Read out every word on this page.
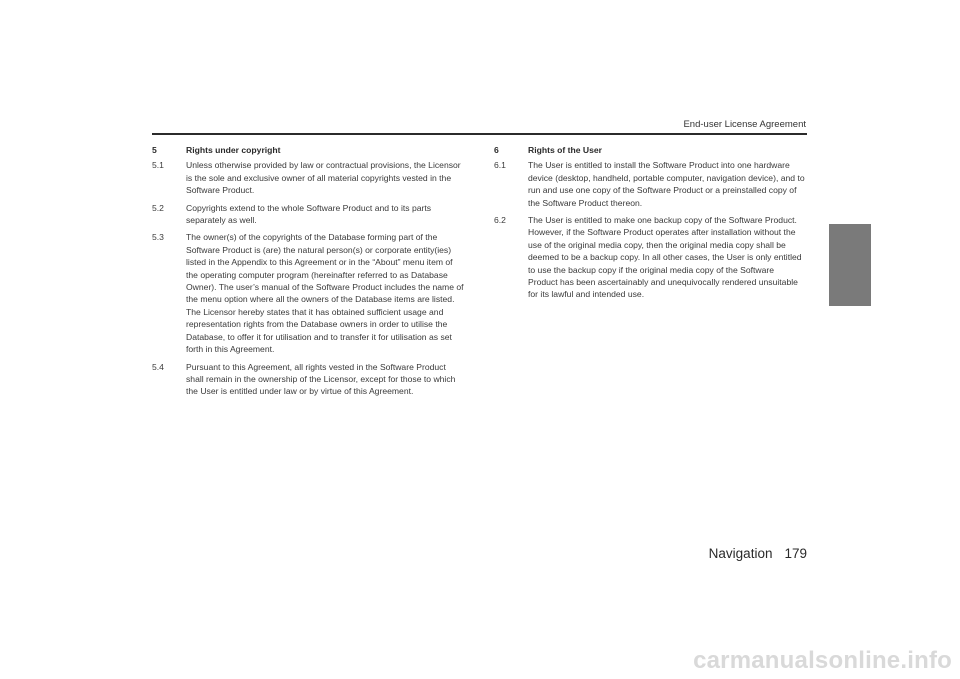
End-user License Agreement
5	Rights under copyright
5.1	Unless otherwise provided by law or contractual provisions, the Licensor is the sole and exclusive owner of all material copyrights vested in the Software Product.
5.2	Copyrights extend to the whole Software Product and to its parts separately as well.
5.3	The owner(s) of the copyrights of the Database forming part of the Software Product is (are) the natural person(s) or corporate entity(ies) listed in the Appendix to this Agreement or in the “About” menu item of the operating computer program (hereinafter referred to as Database Owner). The user’s manual of the Software Product includes the name of the menu option where all the owners of the Database items are listed. The Licensor hereby states that it has obtained sufficient usage and representation rights from the Database owners in order to utilise the Database, to offer it for utilisation and to transfer it for utilisation as set forth in this Agreement.
5.4	Pursuant to this Agreement, all rights vested in the Software Product shall remain in the ownership of the Licensor, except for those to which the User is entitled under law or by virtue of this Agreement.
6	Rights of the User
6.1	The User is entitled to install the Software Product into one hardware device (desktop, handheld, portable computer, navigation device), and to run and use one copy of the Software Product or a preinstalled copy of the Software Product thereon.
6.2	The User is entitled to make one backup copy of the Software Product. However, if the Software Product operates after installation without the use of the original media copy, then the original media copy shall be deemed to be a backup copy. In all other cases, the User is only entitled to use the backup copy if the original media copy of the Software Product has been ascertainably and unequivocally rendered unsuitable for its lawful and intended use.
Navigation 179
carmanualsonline.info
